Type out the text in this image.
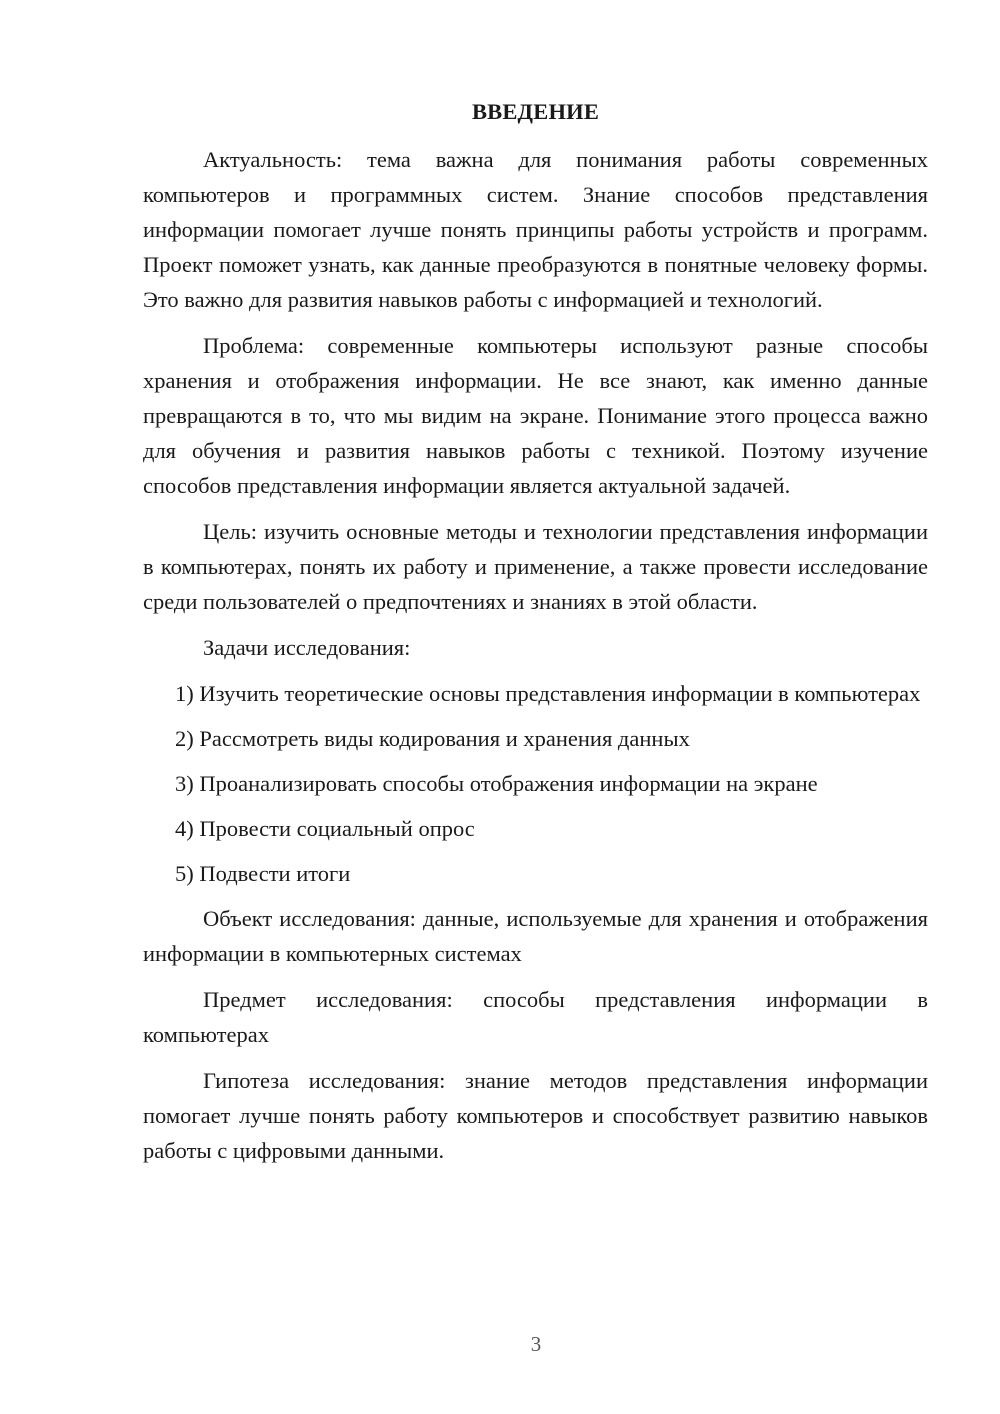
ВВЕДЕНИЕ

Актуальность: тема важна для понимания работы современных компьютеров и программных систем. Знание способов представления информации помогает лучше понять принципы работы устройств и программ. Проект поможет узнать, как данные преобразуются в понятные человеку формы. Это важно для развития навыков работы с информацией и технологий.

Проблема: современные компьютеры используют разные способы хранения и отображения информации. Не все знают, как именно данные превращаются в то, что мы видим на экране. Понимание этого процесса важно для обучения и развития навыков работы с техникой. Поэтому изучение способов представления информации является актуальной задачей.

Цель: изучить основные методы и технологии представления информации в компьютерах, понять их работу и применение, а также провести исследование среди пользователей о предпочтениях и знаниях в этой области.

Задачи исследования:

1) Изучить теоретические основы представления информации в компьютерах

2) Рассмотреть виды кодирования и хранения данных

3) Проанализировать способы отображения информации на экране

4) Провести социальный опрос

5) Подвести итоги

Объект исследования: данные, используемые для хранения и отображения информации в компьютерных системах

Предмет исследования: способы представления информации в компьютерах

Гипотеза исследования: знание методов представления информации помогает лучше понять работу компьютеров и способствует развитию навыков работы с цифровыми данными.

3
